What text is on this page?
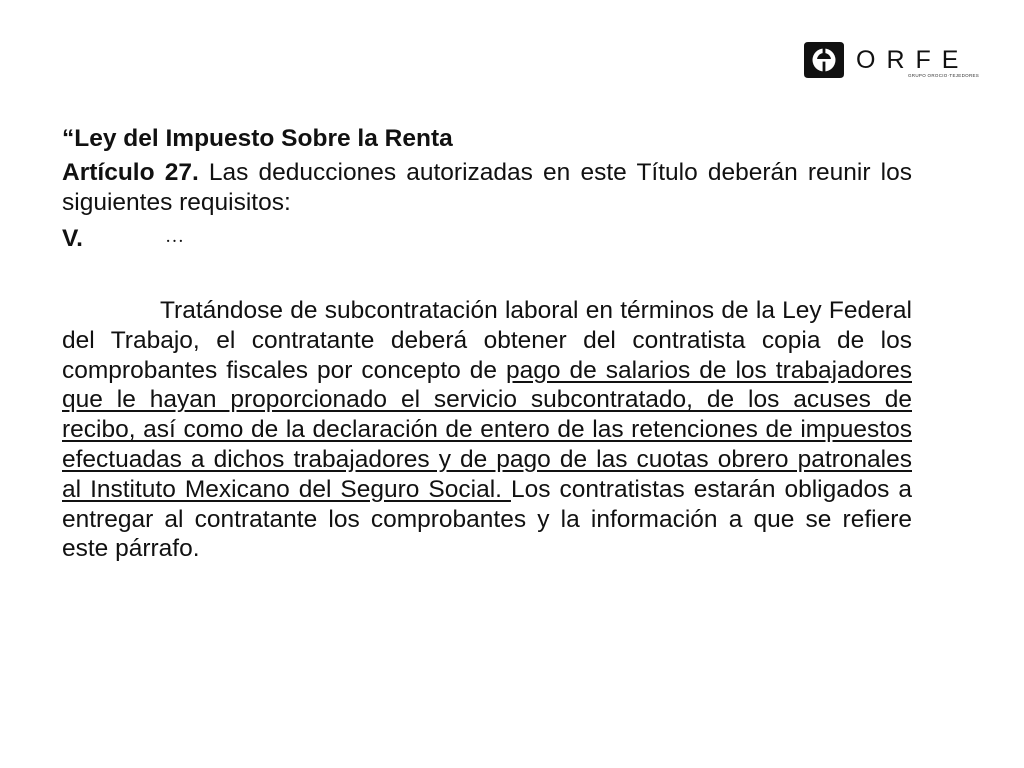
ORFE
GRUPO OROCIO·TEJEDORES

“Ley del Impuesto Sobre la Renta

Artículo 27. Las deducciones autorizadas en este Título deberán reunir los siguientes requisitos:

V.	…

Tratándose de subcontratación laboral en términos de la Ley Federal del Trabajo, el contratante deberá obtener del contratista copia de los comprobantes fiscales por concepto de pago de salarios de los trabajadores que le hayan proporcionado el servicio subcontratado, de los acuses de recibo, así como de la declaración de entero de las retenciones de impuestos efectuadas a dichos trabajadores y de pago de las cuotas obrero patronales al Instituto Mexicano del Seguro Social. Los contratistas estarán obligados a entregar al contratante los comprobantes y la información a que se refiere este párrafo.
